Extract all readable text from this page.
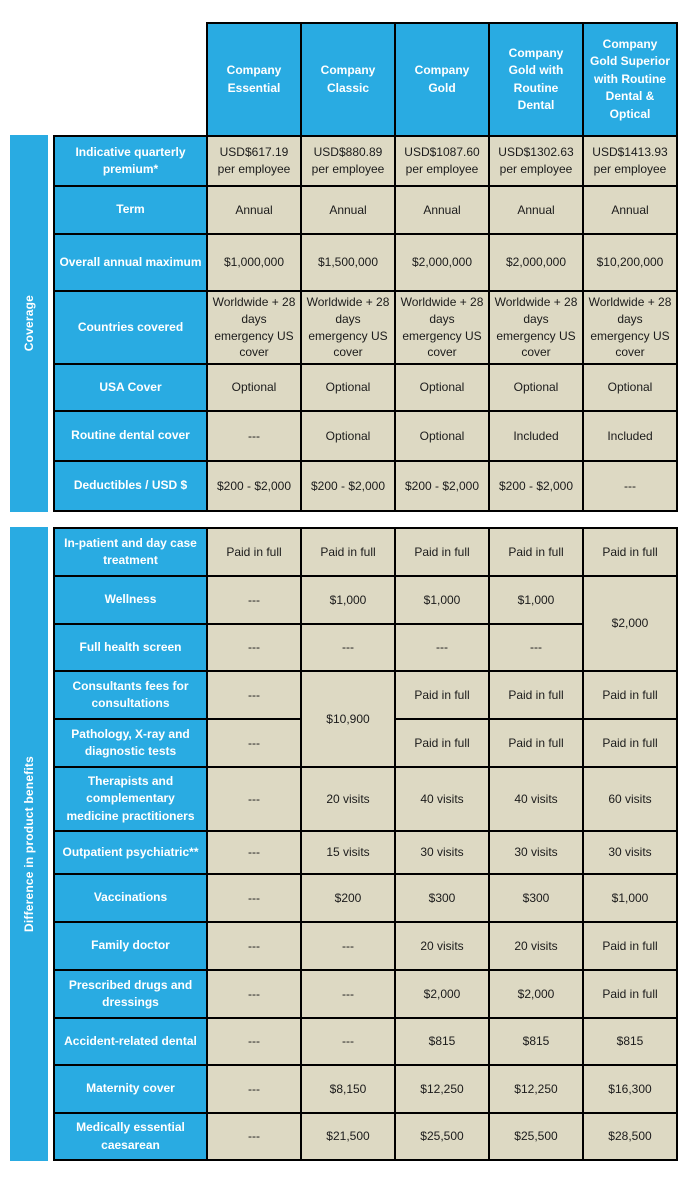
Coverage
	Company Essential	Company Classic	Company Gold	Company Gold with Routine Dental	Company Gold Superior with Routine Dental & Optical
Indicative quarterly premium*	USD$617.19 per employee	USD$880.89 per employee	USD$1087.60 per employee	USD$1302.63 per employee	USD$1413.93 per employee
Term	Annual	Annual	Annual	Annual	Annual
Overall annual maximum	$1,000,000	$1,500,000	$2,000,000	$2,000,000	$10,200,000
Countries covered	Worldwide + 28 days emergency US cover	Worldwide + 28 days emergency US cover	Worldwide + 28 days emergency US cover	Worldwide + 28 days emergency US cover	Worldwide + 28 days emergency US cover
USA Cover	Optional	Optional	Optional	Optional	Optional
Routine dental cover	---	Optional	Optional	Included	Included
Deductibles / USD $	$200 - $2,000	$200 - $2,000	$200 - $2,000	$200 - $2,000	---
Difference in product benefits
In-patient and day case treatment	Paid in full	Paid in full	Paid in full	Paid in full	Paid in full
Wellness	---	$1,000	$1,000	$1,000	$2,000
Full health screen	---	---	---	---	
Consultants fees for consultations	---	$10,900	Paid in full	Paid in full	Paid in full
Pathology, X-ray and diagnostic tests	---		Paid in full	Paid in full	Paid in full
Therapists and complementary medicine practitioners	---	20 visits	40 visits	40 visits	60 visits
Outpatient psychiatric**	---	15 visits	30 visits	30 visits	30 visits
Vaccinations	---	$200	$300	$300	$1,000
Family doctor	---	---	20 visits	20 visits	Paid in full
Prescribed drugs and dressings	---	---	$2,000	$2,000	Paid in full
Accident-related dental	---	---	$815	$815	$815
Maternity cover	---	$8,150	$12,250	$12,250	$16,300
Medically essential caesarean	---	$21,500	$25,500	$25,500	$28,500
